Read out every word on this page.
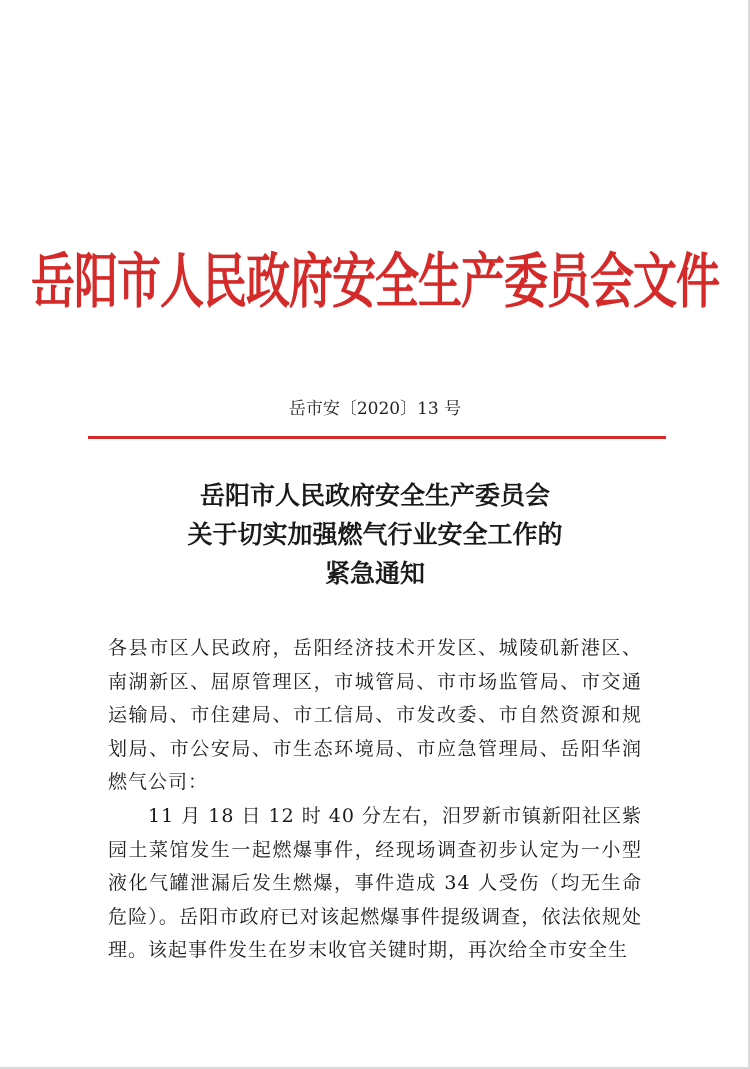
岳阳市人民政府安全生产委员会文件
岳市安〔2020〕13 号
岳阳市人民政府安全生产委员会
关于切实加强燃气行业安全工作的
紧急通知

各县市区人民政府，岳阳经济技术开发区、城陵矶新港区、南湖新区、屈原管理区，市城管局、市市场监管局、市交通运输局、市住建局、市工信局、市发改委、市自然资源和规划局、市公安局、市生态环境局、市应急管理局、岳阳华润燃气公司：

11 月 18 日 12 时 40 分左右，汨罗新市镇新阳社区紫园土菜馆发生一起燃爆事件，经现场调查初步认定为一小型液化气罐泄漏后发生燃爆，事件造成 34 人受伤（均无生命危险）。岳阳市政府已对该起燃爆事件提级调查，依法依规处理。该起事件发生在岁末收官关键时期，再次给全市安全生
